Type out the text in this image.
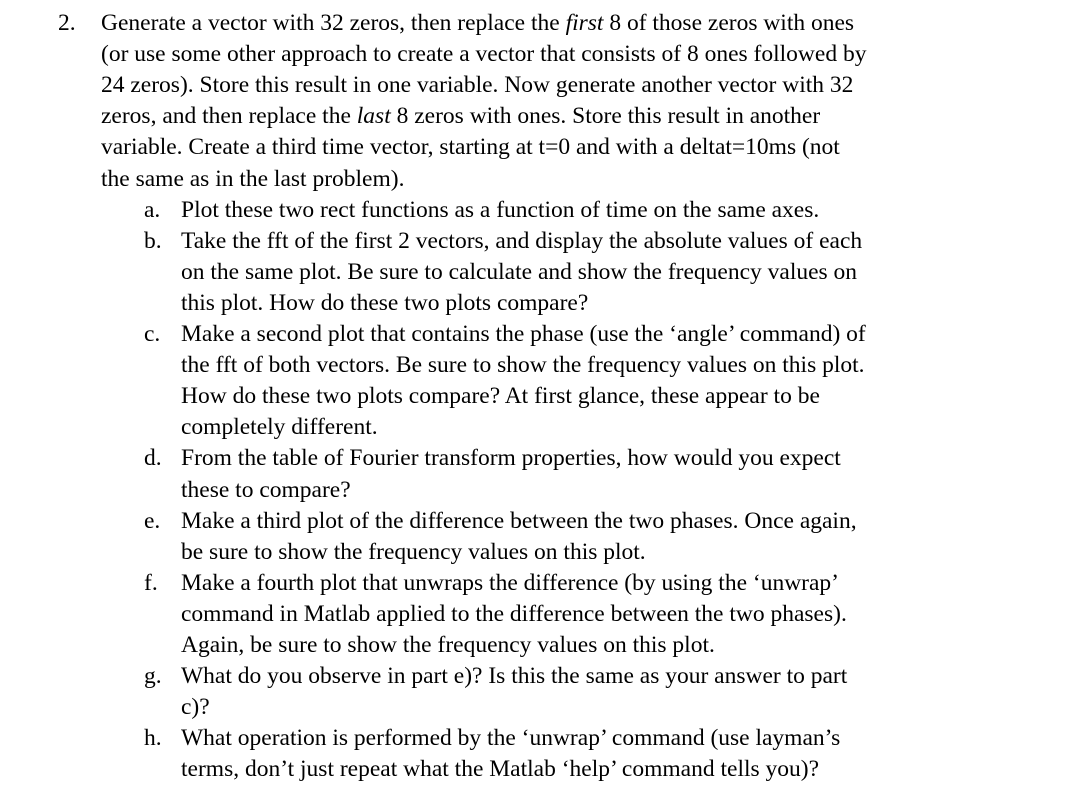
2. Generate a vector with 32 zeros, then replace the first 8 of those zeros with ones
(or use some other approach to create a vector that consists of 8 ones followed by
24 zeros). Store this result in one variable. Now generate another vector with 32
zeros, and then replace the last 8 zeros with ones. Store this result in another
variable. Create a third time vector, starting at t=0 and with a deltat=10ms (not
the same as in the last problem).
a. Plot these two rect functions as a function of time on the same axes.
b. Take the fft of the first 2 vectors, and display the absolute values of each
on the same plot. Be sure to calculate and show the frequency values on
this plot. How do these two plots compare?
c. Make a second plot that contains the phase (use the ‘angle’ command) of
the fft of both vectors. Be sure to show the frequency values on this plot.
How do these two plots compare? At first glance, these appear to be
completely different.
d. From the table of Fourier transform properties, how would you expect
these to compare?
e. Make a third plot of the difference between the two phases. Once again,
be sure to show the frequency values on this plot.
f. Make a fourth plot that unwraps the difference (by using the ‘unwrap’
command in Matlab applied to the difference between the two phases).
Again, be sure to show the frequency values on this plot.
g. What do you observe in part e)? Is this the same as your answer to part
c)?
h. What operation is performed by the ‘unwrap’ command (use layman’s
terms, don’t just repeat what the Matlab ‘help’ command tells you)?
